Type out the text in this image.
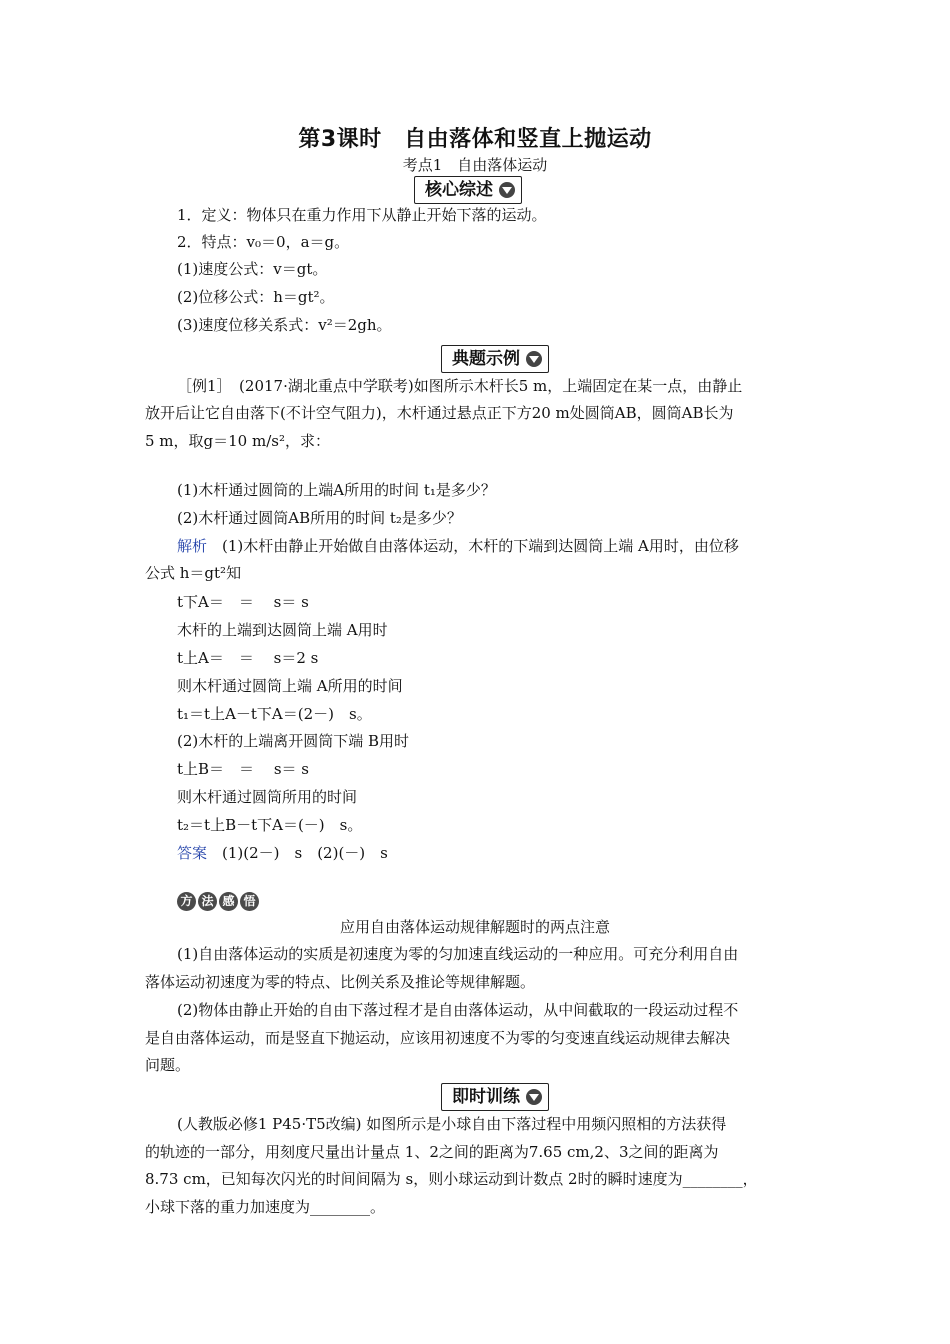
第3课时　自由落体和竖直上抛运动
考点1　自由落体运动
核心综述
1．定义：物体只在重力作用下从静止开始下落的运动。
2．特点：v₀＝0，a＝g。
(1)速度公式：v＝gt。
(2)位移公式：h＝gt²。
(3)速度位移关系式：v²＝2gh。
典题示例
［例1］　(2017·湖北重点中学联考)如图所示木杆长5 m，上端固定在某一点，由静止
放开后让它自由落下(不计空气阻力)，木杆通过悬点正下方20 m处圆筒AB，圆筒AB长为
5 m，取g＝10 m/s²，求：
(1)木杆通过圆筒的上端A所用的时间 t₁是多少？
(2)木杆通过圆筒AB所用的时间 t₂是多少？
解析　(1)木杆由静止开始做自由落体运动，木杆的下端到达圆筒上端 A用时，由位移
公式 h＝gt²知
t下A＝　＝　 s＝ s
木杆的上端到达圆筒上端 A用时
t上A＝　＝　 s＝2 s
则木杆通过圆筒上端 A所用的时间
t₁＝t上A－t下A＝(2－)　s。
(2)木杆的上端离开圆筒下端 B用时
t上B＝　＝　 s＝ s
则木杆通过圆筒所用的时间
t₂＝t上B－t下A＝(－)　s。
答案　(1)(2－)　s　(2)(－)　s
方 法 感 悟
应用自由落体运动规律解题时的两点注意
(1)自由落体运动的实质是初速度为零的匀加速直线运动的一种应用。可充分利用自由
落体运动初速度为零的特点、比例关系及推论等规律解题。
(2)物体由静止开始的自由下落过程才是自由落体运动，从中间截取的一段运动过程不
是自由落体运动，而是竖直下抛运动，应该用初速度不为零的匀变速直线运动规律去解决
问题。
即时训练
(人教版必修1 P45·T5改编) 如图所示是小球自由下落过程中用频闪照相的方法获得
的轨迹的一部分，用刻度尺量出计量点 1、2之间的距离为7.65 cm,2、3之间的距离为
8.73 cm，已知每次闪光的时间间隔为 s，则小球运动到计数点 2时的瞬时速度为________，
小球下落的重力加速度为________。
